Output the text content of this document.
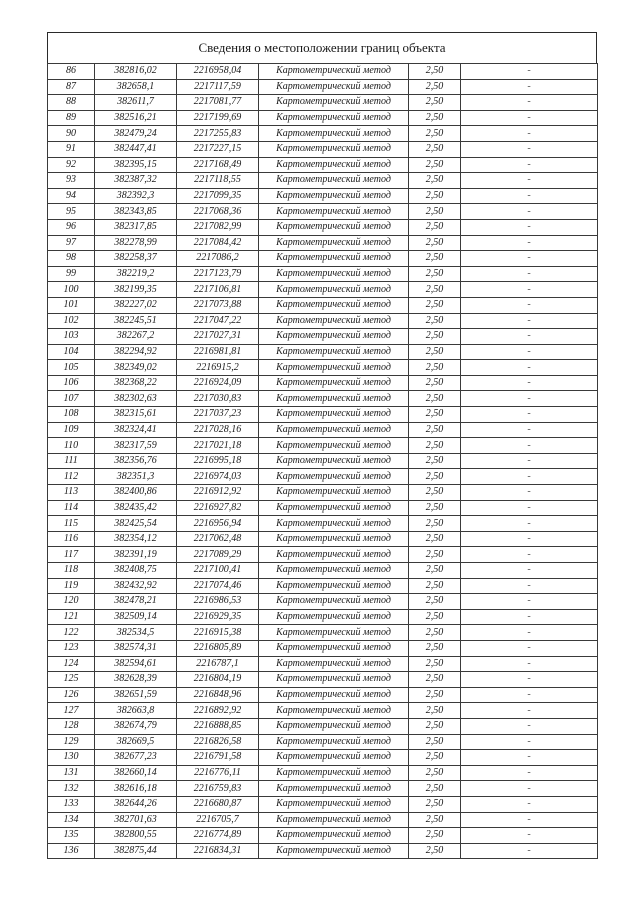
Сведения о местоположении границ объекта
86	382816,02	2216958,04	Картометрический метод	2,50	-
87	382658,1	2217117,59	Картометрический метод	2,50	-
88	382611,7	2217081,77	Картометрический метод	2,50	-
89	382516,21	2217199,69	Картометрический метод	2,50	-
90	382479,24	2217255,83	Картометрический метод	2,50	-
91	382447,41	2217227,15	Картометрический метод	2,50	-
92	382395,15	2217168,49	Картометрический метод	2,50	-
93	382387,32	2217118,55	Картометрический метод	2,50	-
94	382392,3	2217099,35	Картометрический метод	2,50	-
95	382343,85	2217068,36	Картометрический метод	2,50	-
96	382317,85	2217082,99	Картометрический метод	2,50	-
97	382278,99	2217084,42	Картометрический метод	2,50	-
98	382258,37	2217086,2	Картометрический метод	2,50	-
99	382219,2	2217123,79	Картометрический метод	2,50	-
100	382199,35	2217106,81	Картометрический метод	2,50	-
101	382227,02	2217073,88	Картометрический метод	2,50	-
102	382245,51	2217047,22	Картометрический метод	2,50	-
103	382267,2	2217027,31	Картометрический метод	2,50	-
104	382294,92	2216981,81	Картометрический метод	2,50	-
105	382349,02	2216915,2	Картометрический метод	2,50	-
106	382368,22	2216924,09	Картометрический метод	2,50	-
107	382302,63	2217030,83	Картометрический метод	2,50	-
108	382315,61	2217037,23	Картометрический метод	2,50	-
109	382324,41	2217028,16	Картометрический метод	2,50	-
110	382317,59	2217021,18	Картометрический метод	2,50	-
111	382356,76	2216995,18	Картометрический метод	2,50	-
112	382351,3	2216974,03	Картометрический метод	2,50	-
113	382400,86	2216912,92	Картометрический метод	2,50	-
114	382435,42	2216927,82	Картометрический метод	2,50	-
115	382425,54	2216956,94	Картометрический метод	2,50	-
116	382354,12	2217062,48	Картометрический метод	2,50	-
117	382391,19	2217089,29	Картометрический метод	2,50	-
118	382408,75	2217100,41	Картометрический метод	2,50	-
119	382432,92	2217074,46	Картометрический метод	2,50	-
120	382478,21	2216986,53	Картометрический метод	2,50	-
121	382509,14	2216929,35	Картометрический метод	2,50	-
122	382534,5	2216915,38	Картометрический метод	2,50	-
123	382574,31	2216805,89	Картометрический метод	2,50	-
124	382594,61	2216787,1	Картометрический метод	2,50	-
125	382628,39	2216804,19	Картометрический метод	2,50	-
126	382651,59	2216848,96	Картометрический метод	2,50	-
127	382663,8	2216892,92	Картометрический метод	2,50	-
128	382674,79	2216888,85	Картометрический метод	2,50	-
129	382669,5	2216826,58	Картометрический метод	2,50	-
130	382677,23	2216791,58	Картометрический метод	2,50	-
131	382660,14	2216776,11	Картометрический метод	2,50	-
132	382616,18	2216759,83	Картометрический метод	2,50	-
133	382644,26	2216680,87	Картометрический метод	2,50	-
134	382701,63	2216705,7	Картометрический метод	2,50	-
135	382800,55	2216774,89	Картометрический метод	2,50	-
136	382875,44	2216834,31	Картометрический метод	2,50	-
